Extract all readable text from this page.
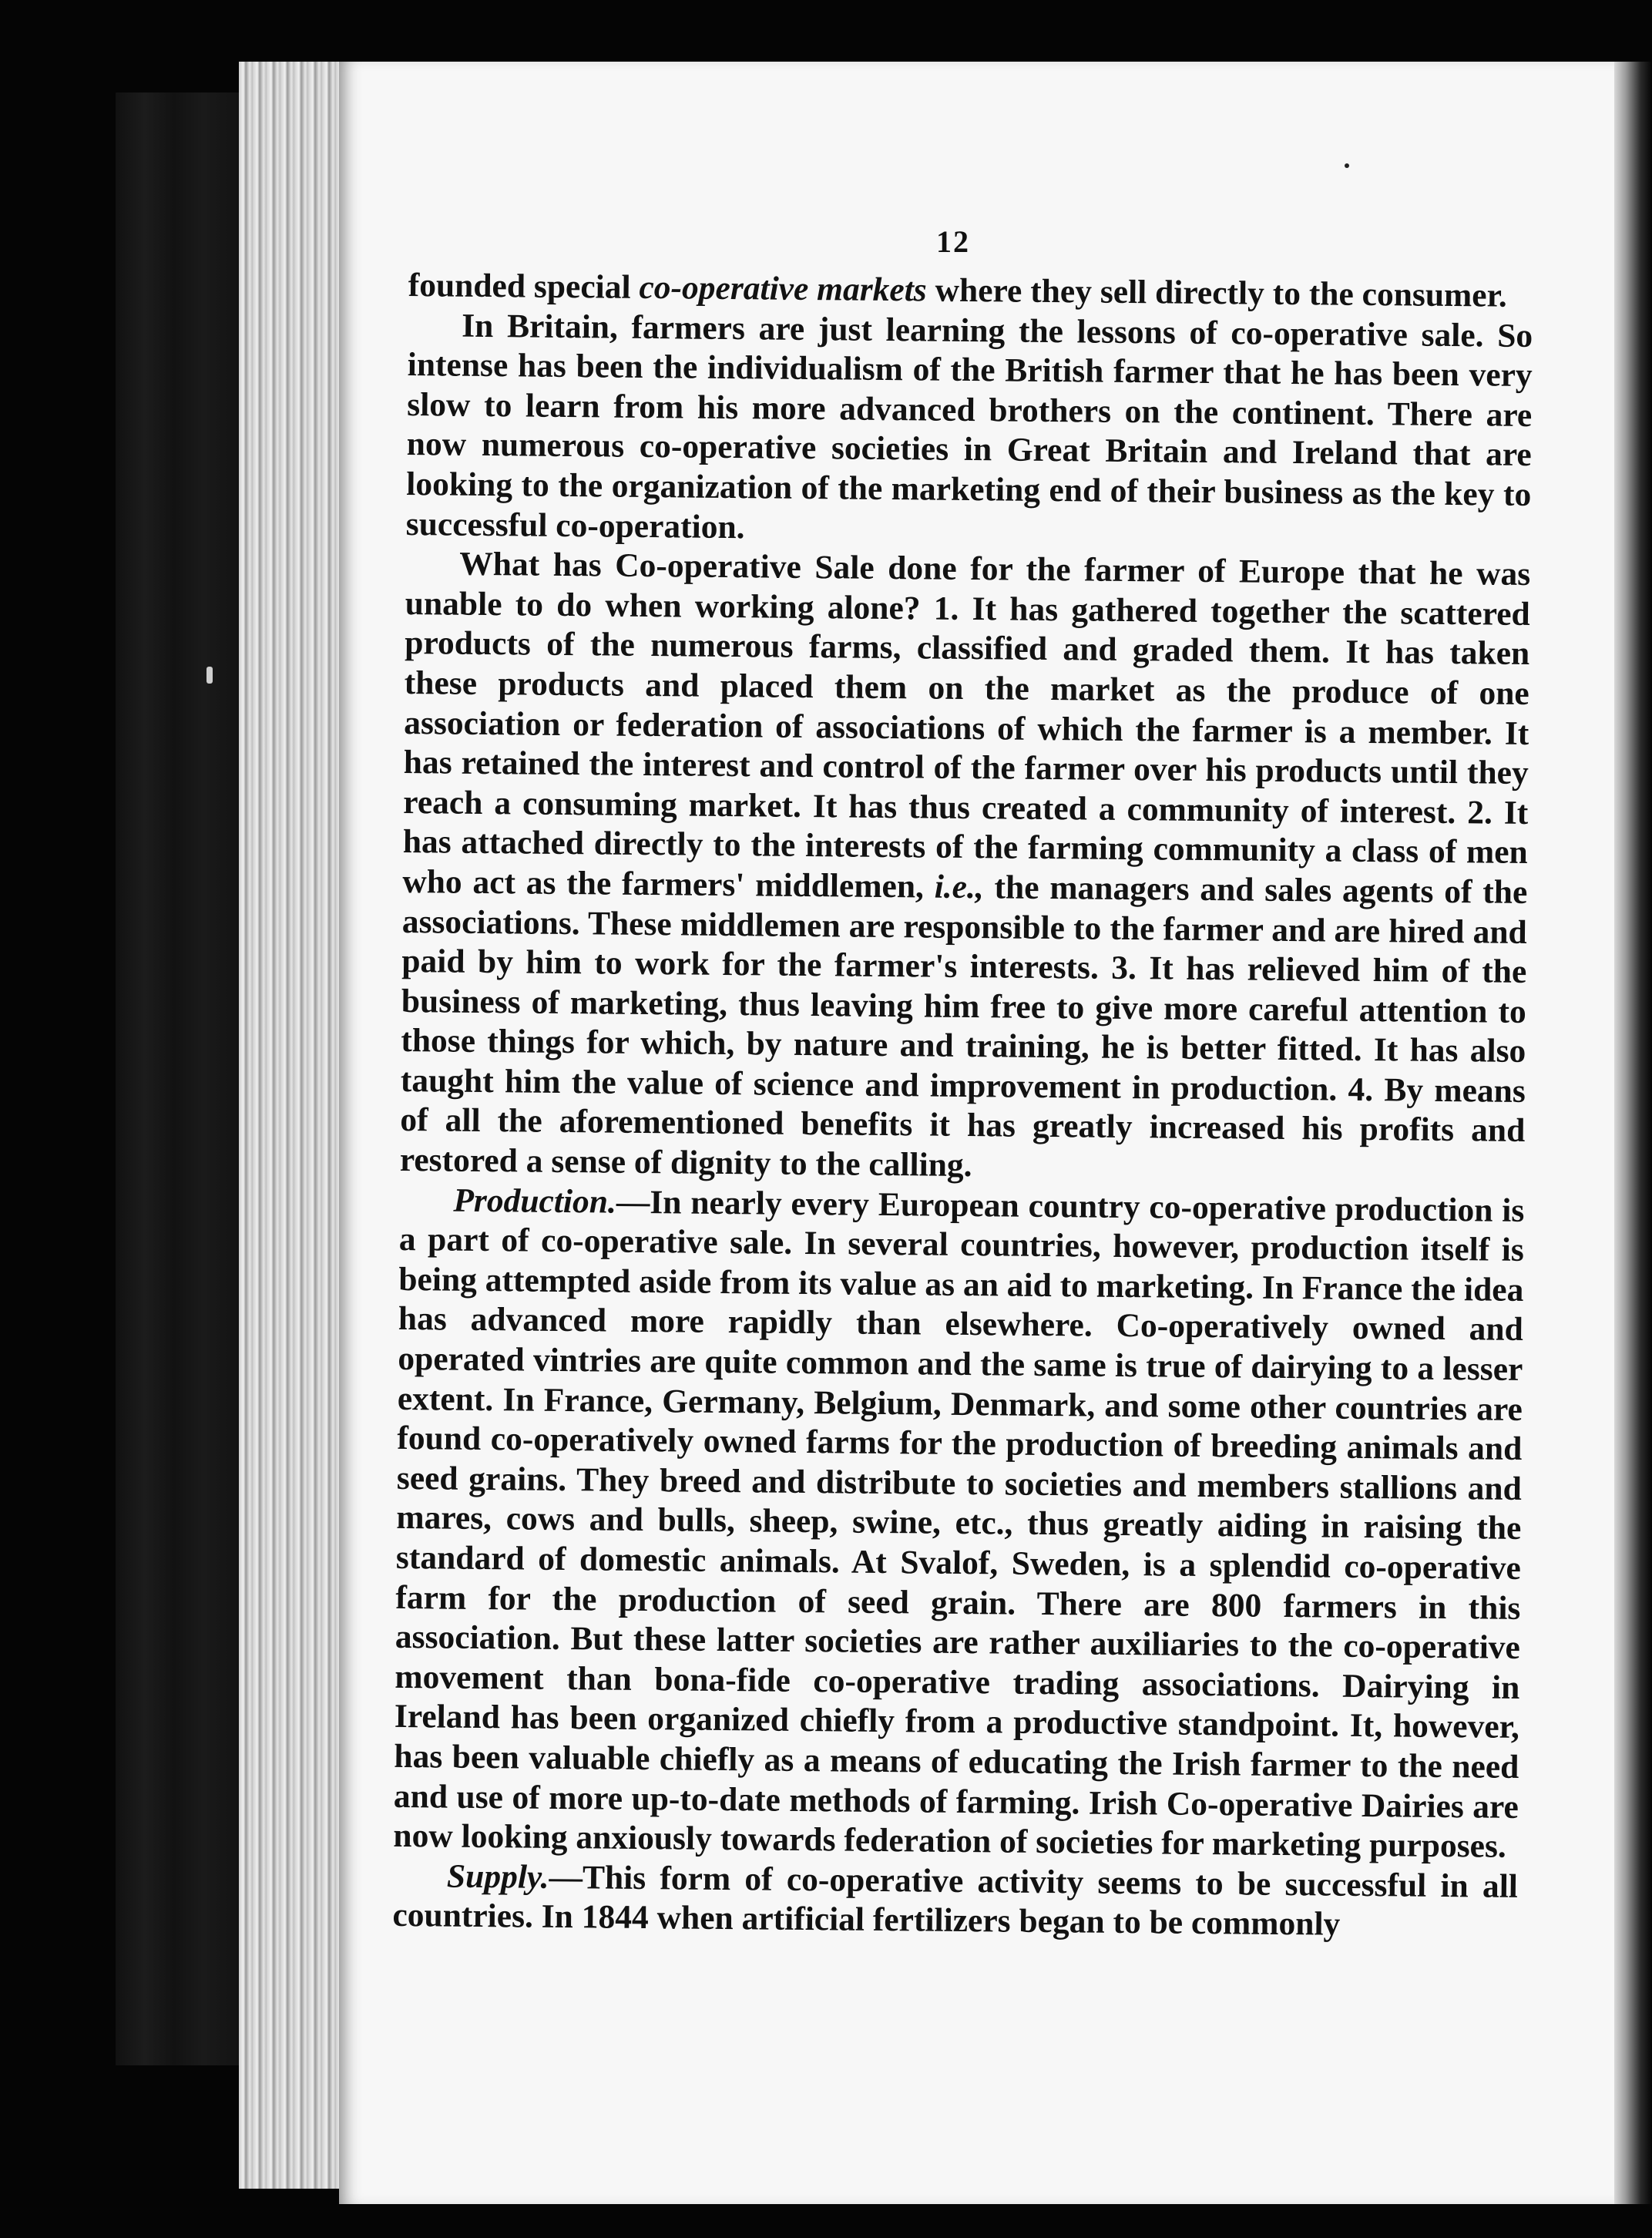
12

founded special co-operative markets where they sell directly to the consumer.

In Britain, farmers are just learning the lessons of co-operative sale. So intense has been the individualism of the British farmer that he has been very slow to learn from his more advanced brothers on the continent. There are now numerous co-operative societies in Great Britain and Ireland that are looking to the organization of the marketing end of their business as the key to successful co-operation.

What has Co-operative Sale done for the farmer of Europe that he was unable to do when working alone? 1. It has gathered together the scattered products of the numerous farms, classified and graded them. It has taken these products and placed them on the market as the produce of one association or federation of associations of which the farmer is a member. It has retained the interest and control of the farmer over his products until they reach a consuming market. It has thus created a community of interest. 2. It has attached directly to the interests of the farming community a class of men who act as the farmers' middlemen, i.e., the managers and sales agents of the associations. These middlemen are responsible to the farmer and are hired and paid by him to work for the farmer's interests. 3. It has relieved him of the business of marketing, thus leaving him free to give more careful attention to those things for which, by nature and training, he is better fitted. It has also taught him the value of science and improvement in production. 4. By means of all the aforementioned benefits it has greatly increased his profits and restored a sense of dignity to the calling.

Production.—In nearly every European country co-operative production is a part of co-operative sale. In several countries, however, production itself is being attempted aside from its value as an aid to marketing. In France the idea has advanced more rapidly than elsewhere. Co-operatively owned and operated vintries are quite common and the same is true of dairying to a lesser extent. In France, Germany, Belgium, Denmark, and some other countries are found co-operatively owned farms for the production of breeding animals and seed grains. They breed and distribute to societies and members stallions and mares, cows and bulls, sheep, swine, etc., thus greatly aiding in raising the standard of domestic animals. At Svalof, Sweden, is a splendid co-operative farm for the production of seed grain. There are 800 farmers in this association. But these latter societies are rather auxiliaries to the co-operative movement than bona-fide co-operative trading associations. Dairying in Ireland has been organized chiefly from a productive standpoint. It, however, has been valuable chiefly as a means of educating the Irish farmer to the need and use of more up-to-date methods of farming. Irish Co-operative Dairies are now looking anxiously towards federation of societies for marketing purposes.

Supply.—This form of co-operative activity seems to be successful in all countries. In 1844 when artificial fertilizers began to be commonly
